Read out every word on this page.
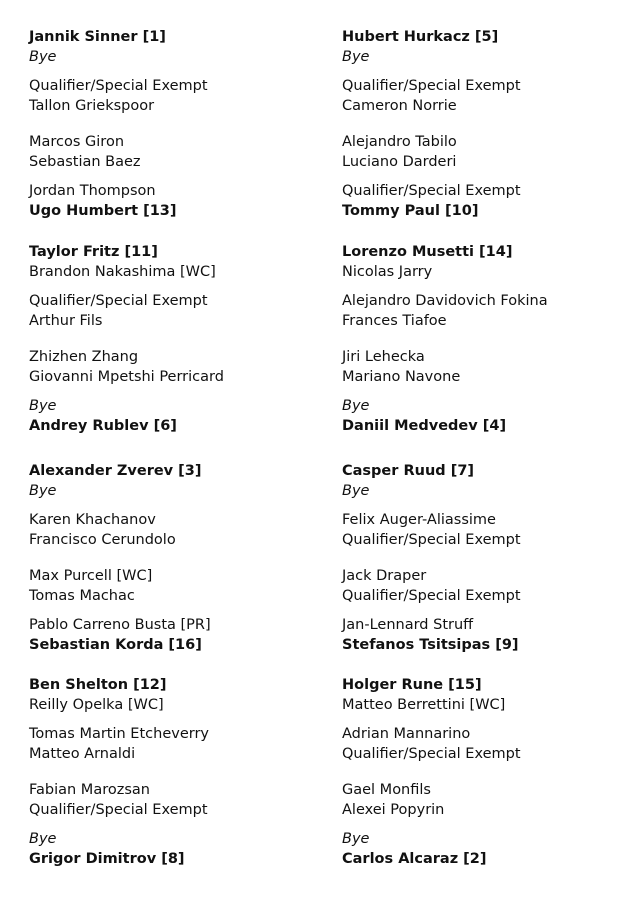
Jannik Sinner [1]
Bye
Qualifier/Special Exempt
Tallon Griekspoor
Marcos Giron
Sebastian Baez
Jordan Thompson
Ugo Humbert [13]
Taylor Fritz [11]
Brandon Nakashima [WC]
Qualifier/Special Exempt
Arthur Fils
Zhizhen Zhang
Giovanni Mpetshi Perricard
Bye
Andrey Rublev [6]
Alexander Zverev [3]
Bye
Karen Khachanov
Francisco Cerundolo
Max Purcell [WC]
Tomas Machac
Pablo Carreno Busta [PR]
Sebastian Korda [16]
Ben Shelton [12]
Reilly Opelka [WC]
Tomas Martin Etcheverry
Matteo Arnaldi
Fabian Marozsan
Qualifier/Special Exempt
Bye
Grigor Dimitrov [8]
Hubert Hurkacz [5]
Bye
Qualifier/Special Exempt
Cameron Norrie
Alejandro Tabilo
Luciano Darderi
Qualifier/Special Exempt
Tommy Paul [10]
Lorenzo Musetti [14]
Nicolas Jarry
Alejandro Davidovich Fokina
Frances Tiafoe
Jiri Lehecka
Mariano Navone
Bye
Daniil Medvedev [4]
Casper Ruud [7]
Bye
Felix Auger-Aliassime
Qualifier/Special Exempt
Jack Draper
Qualifier/Special Exempt
Jan-Lennard Struff
Stefanos Tsitsipas [9]
Holger Rune [15]
Matteo Berrettini [WC]
Adrian Mannarino
Qualifier/Special Exempt
Gael Monfils
Alexei Popyrin
Bye
Carlos Alcaraz [2]
